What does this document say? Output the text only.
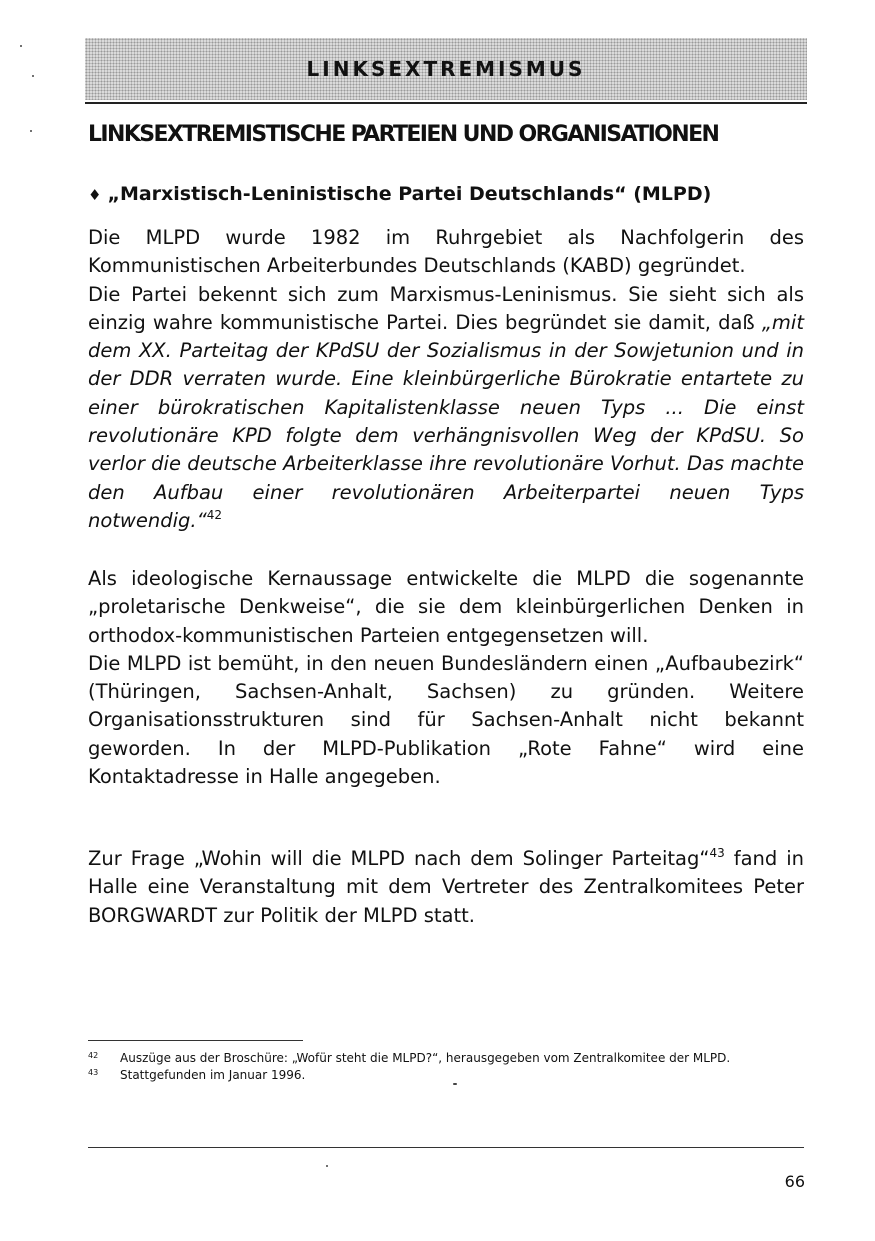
LINKSEXTREMISMUS
LINKSEXTREMISTISCHE PARTEIEN UND ORGANISATIONEN
♦ „Marxistisch-Leninistische Partei Deutschlands“ (MLPD)

Die MLPD wurde 1982 im Ruhrgebiet als Nachfolgerin des Kommunistischen Arbeiterbundes Deutschlands (KABD) gegründet.

Die Partei bekennt sich zum Marxismus-Leninismus. Sie sieht sich als einzig wahre kommunistische Partei. Dies begründet sie damit, daß „mit dem XX. Parteitag der KPdSU der Sozialismus in der Sowjetunion und in der DDR verraten wurde. Eine kleinbürgerliche Bürokratie entartete zu einer bürokratischen Kapitalistenklasse neuen Typs ... Die einst revolutionäre KPD folgte dem verhängnisvollen Weg der KPdSU. So verlor die deutsche Arbeiterklasse ihre revolutionäre Vorhut. Das machte den Aufbau einer revolutionären Arbeiterpartei neuen Typs notwendig.“$^{42}$

Als ideologische Kernaussage entwickelte die MLPD die sogenannte „proletarische Denkweise“, die sie dem kleinbürgerlichen Denken in orthodox-kommunistischen Parteien entgegensetzen will.

Die MLPD ist bemüht, in den neuen Bundesländern einen „Aufbaubezirk“ (Thüringen, Sachsen-Anhalt, Sachsen) zu gründen. Weitere Organisationsstrukturen sind für Sachsen-Anhalt nicht bekannt geworden. In der MLPD-Publikation „Rote Fahne“ wird eine Kontaktadresse in Halle angegeben.

Zur Frage „Wohin will die MLPD nach dem Solinger Parteitag“$^{43}$ fand in Halle eine Veranstaltung mit dem Vertreter des Zentralkomitees Peter BORGWARDT zur Politik der MLPD statt.

42	Auszüge aus der Broschüre: „Wofür steht die MLPD?“, herausgegeben vom Zentralkomitee der MLPD.
43	Stattgefunden im Januar 1996.
66
